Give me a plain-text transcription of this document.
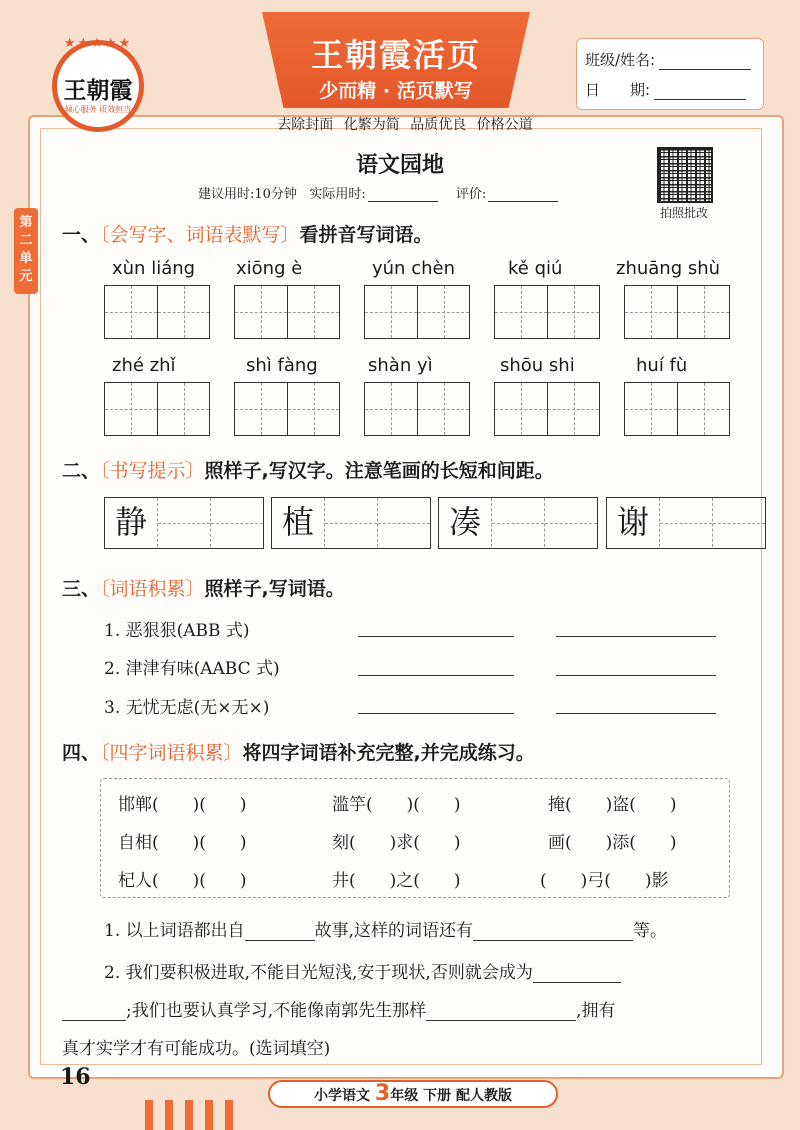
王朝霞活页
少而精 · 活页默写
★★★★★
王朝霞
倾心服务 质效担当
班级/姓名:
日　　期:
去除封面 化繁为简 品质优良 价格公道
第二单元
语文园地
建议用时:10分钟 实际用时:	评价:
拍照批改
一、〔会写字、词语表默写〕看拼音写词语。
xùn liáng xiōng è	yún chèn	kě qiú	zhuāng shù
zhé zhǐ	shì fàng	shàn yì	shōu shi	huí fù
二、〔书写提示〕照样子,写汉字。注意笔画的长短和间距。
静	植	凑	谢
三、〔词语积累〕照样子,写词语。
1. 恶狠狠(ABB 式)
2. 津津有味(AABC 式)
3. 无忧无虑(无×无×)
四、〔四字词语积累〕将四字词语补充完整,并完成练习。
邯郸(　　)(　　)	滥竽(　　)(　　)	掩(　　)盗(　　)
自相(　　)(　　)	刻(　　)求(　　)	画(　　)添(　　)
杞人(　　)(　　)	井(　　)之(　　)	(　　)弓(　　)影
1. 以上词语都出自	故事,这样的词语还有	等。
2. 我们要积极进取,不能目光短浅,安于现状,否则就会成为
;我们也要认真学习,不能像南郭先生那样	,拥有
真才实学才有可能成功。(选词填空)
16
小学语文 3年级 下册 配人教版
